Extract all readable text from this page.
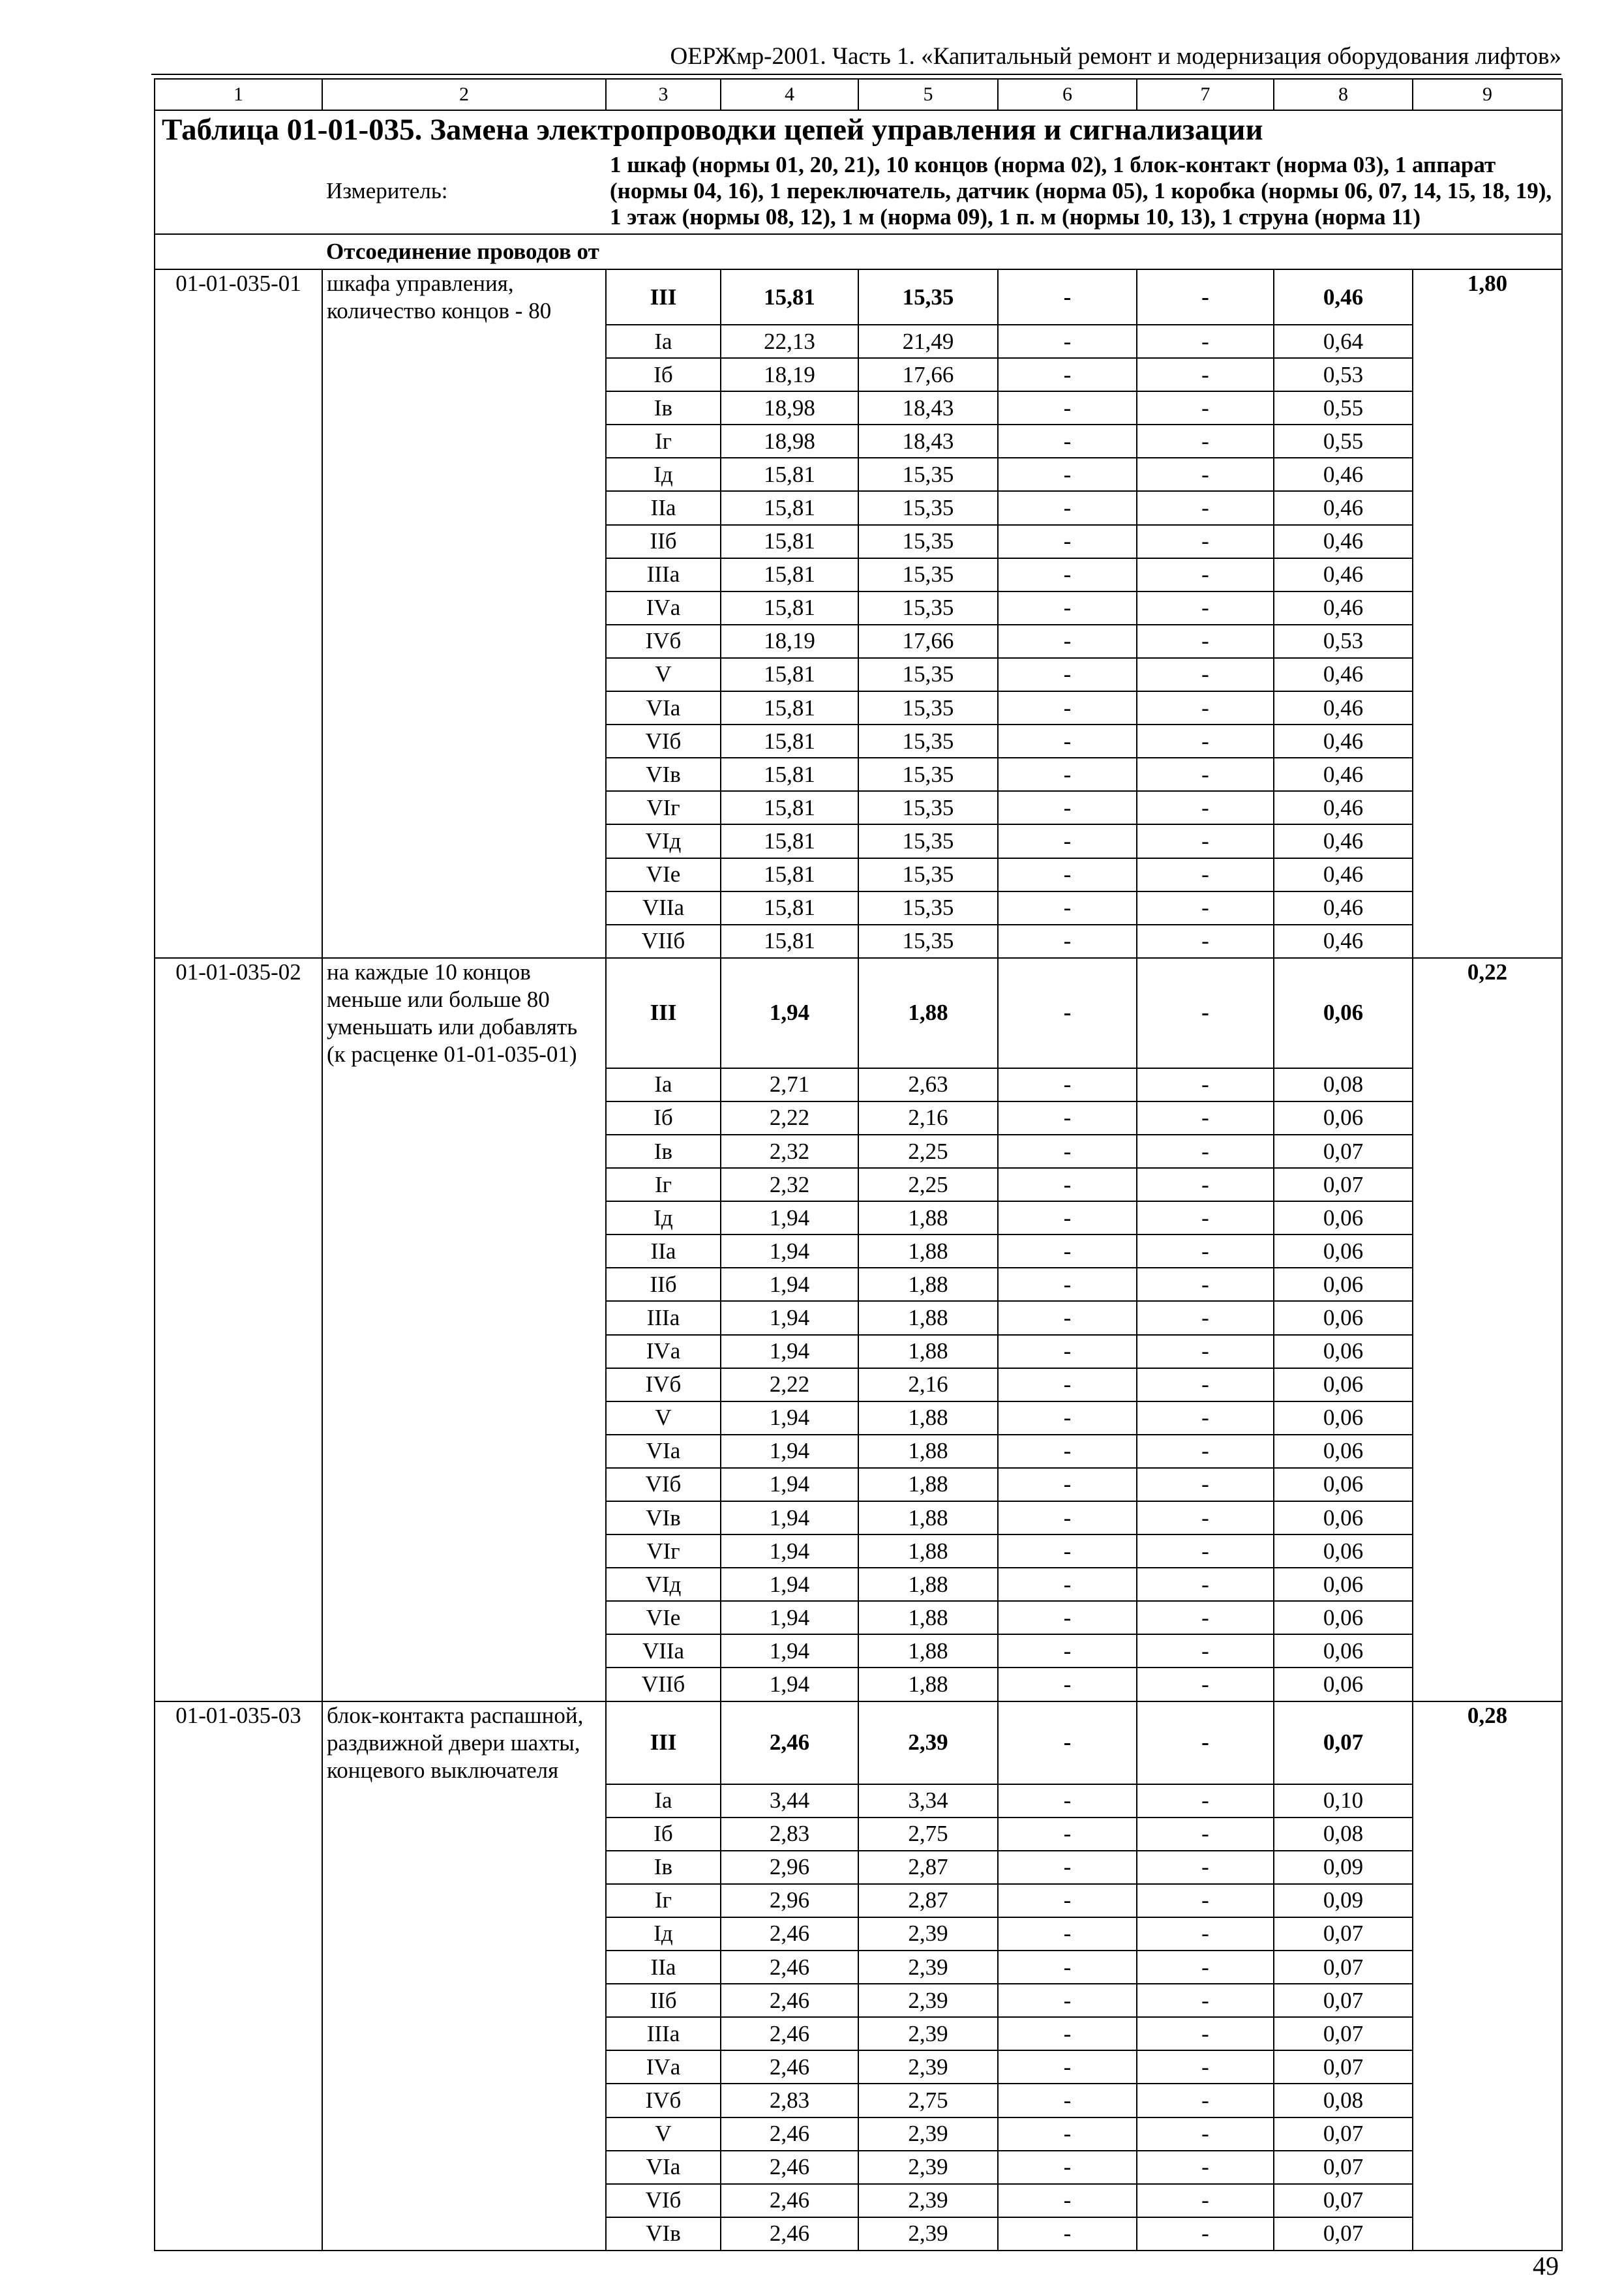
ОЕРЖмр-2001. Часть 1. «Капитальный ремонт и модернизация оборудования лифтов»
1	2	3	4	5	6	7	8	9
Таблица 01-01-035. Замена электропроводки цепей управления и сигнализации								
	Измеритель:	1 шкаф (нормы 01, 20, 21), 10 концов (норма 02), 1 блок-контакт (норма 03), 1 аппарат (нормы 04, 16), 1 переключатель, датчик (норма 05), 1 коробка (нормы 06, 07, 14, 15, 18, 19), 1 этаж (нормы 08, 12), 1 м (норма 09), 1 п. м (нормы 10, 13), 1 струна (норма 11)						
	Отсоединение проводов от							
01-01-035-01	шкафа управления, количество концов - 80	III	15,81	15,35	-	-	0,46	1,80
		Iа	22,13	21,49	-	-	0,64	
		Iб	18,19	17,66	-	-	0,53	
		Iв	18,98	18,43	-	-	0,55	
		Iг	18,98	18,43	-	-	0,55	
		Iд	15,81	15,35	-	-	0,46	
		IIа	15,81	15,35	-	-	0,46	
		IIб	15,81	15,35	-	-	0,46	
		IIIа	15,81	15,35	-	-	0,46	
		IVа	15,81	15,35	-	-	0,46	
		IVб	18,19	17,66	-	-	0,53	
		V	15,81	15,35	-	-	0,46	
		VIа	15,81	15,35	-	-	0,46	
		VIб	15,81	15,35	-	-	0,46	
		VIв	15,81	15,35	-	-	0,46	
		VIг	15,81	15,35	-	-	0,46	
		VIд	15,81	15,35	-	-	0,46	
		VIе	15,81	15,35	-	-	0,46	
		VIIа	15,81	15,35	-	-	0,46	
		VIIб	15,81	15,35	-	-	0,46	
01-01-035-02	на каждые 10 концов меньше или больше 80 уменьшать или добавлять (к расценке 01-01-035-01)	III	1,94	1,88	-	-	0,06	0,22
		Iа	2,71	2,63	-	-	0,08	
		Iб	2,22	2,16	-	-	0,06	
		Iв	2,32	2,25	-	-	0,07	
		Iг	2,32	2,25	-	-	0,07	
		Iд	1,94	1,88	-	-	0,06	
		IIа	1,94	1,88	-	-	0,06	
		IIб	1,94	1,88	-	-	0,06	
		IIIа	1,94	1,88	-	-	0,06	
		IVа	1,94	1,88	-	-	0,06	
		IVб	2,22	2,16	-	-	0,06	
		V	1,94	1,88	-	-	0,06	
		VIа	1,94	1,88	-	-	0,06	
		VIб	1,94	1,88	-	-	0,06	
		VIв	1,94	1,88	-	-	0,06	
		VIг	1,94	1,88	-	-	0,06	
		VIд	1,94	1,88	-	-	0,06	
		VIе	1,94	1,88	-	-	0,06	
		VIIа	1,94	1,88	-	-	0,06	
		VIIб	1,94	1,88	-	-	0,06	
01-01-035-03	блок-контакта распашной, раздвижной двери шахты, концевого выключателя	III	2,46	2,39	-	-	0,07	0,28
		Iа	3,44	3,34	-	-	0,10	
		Iб	2,83	2,75	-	-	0,08	
		Iв	2,96	2,87	-	-	0,09	
		Iг	2,96	2,87	-	-	0,09	
		Iд	2,46	2,39	-	-	0,07	
		IIа	2,46	2,39	-	-	0,07	
		IIб	2,46	2,39	-	-	0,07	
		IIIа	2,46	2,39	-	-	0,07	
		IVа	2,46	2,39	-	-	0,07	
		IVб	2,83	2,75	-	-	0,08	
		V	2,46	2,39	-	-	0,07	
		VIа	2,46	2,39	-	-	0,07	
		VIб	2,46	2,39	-	-	0,07	
		VIв	2,46	2,39	-	-	0,07	
49
